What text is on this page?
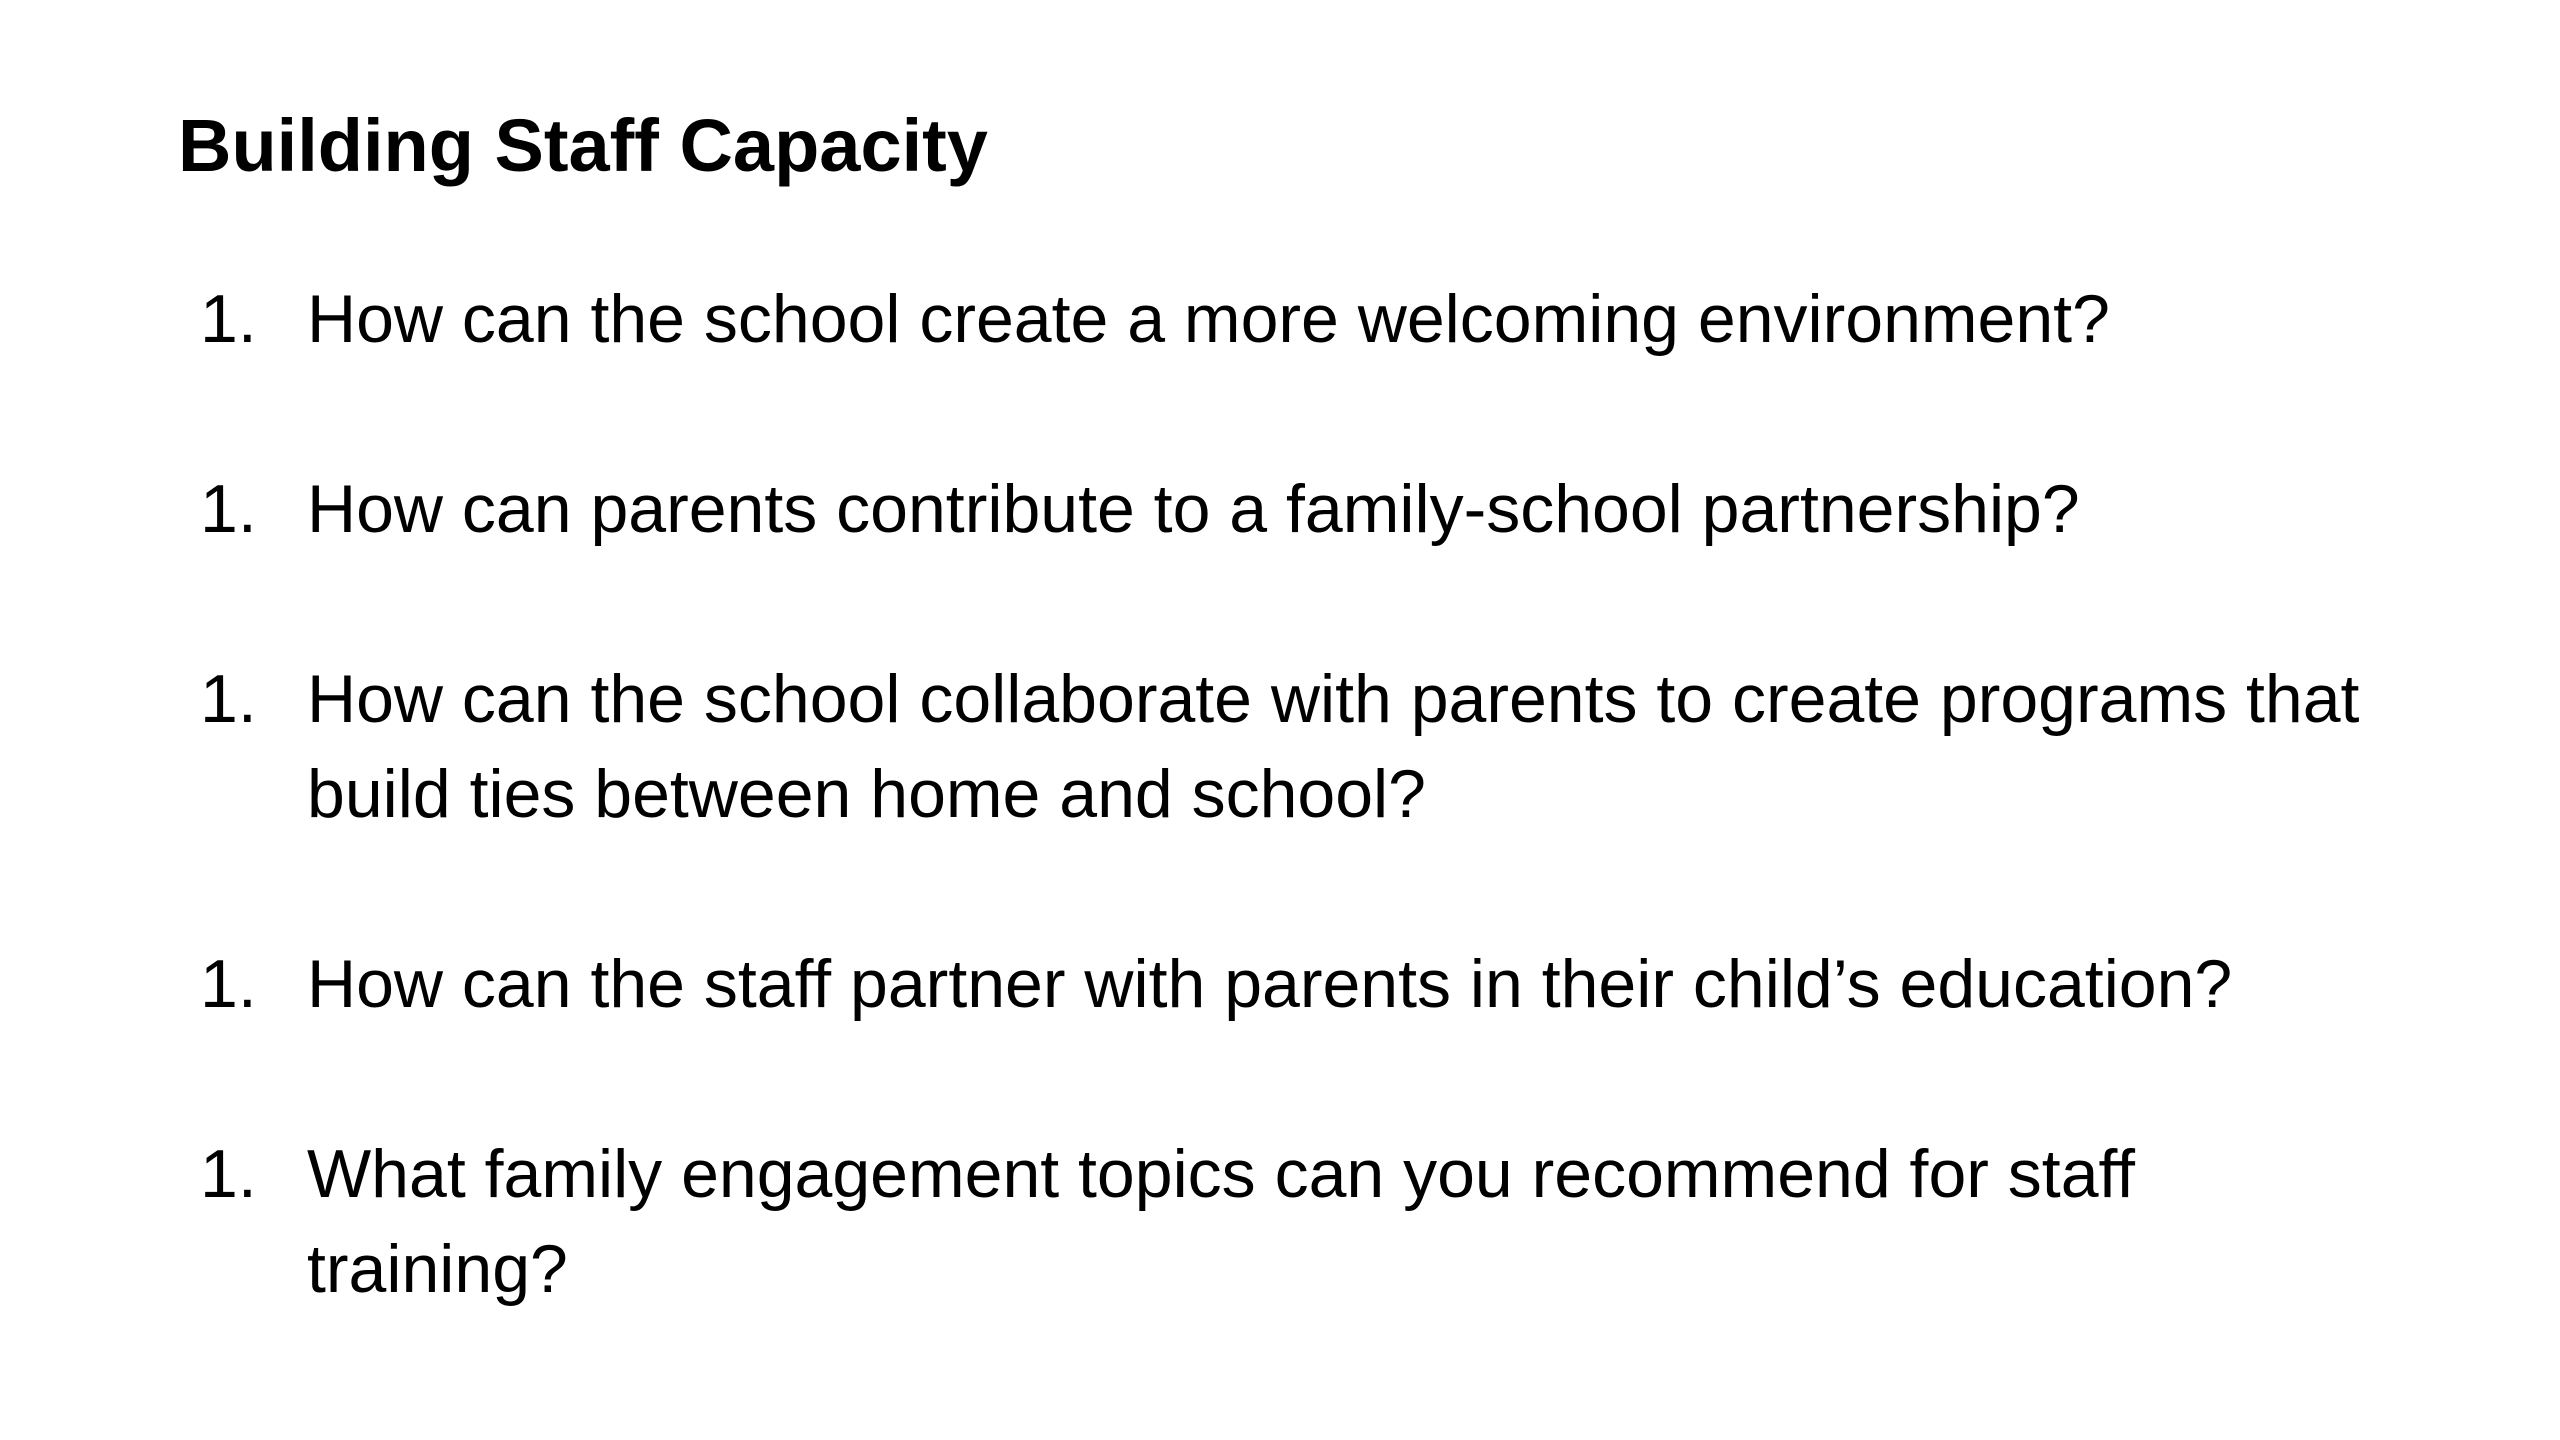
Building Staff Capacity
1. How can the school create a more welcoming environment?
1. How can parents contribute to a family-school partnership?
1. How can the school collaborate with parents to create programs that build ties between home and school?
1. How can the staff partner with parents in their child’s education?
1. What family engagement topics can you recommend for staff training?
